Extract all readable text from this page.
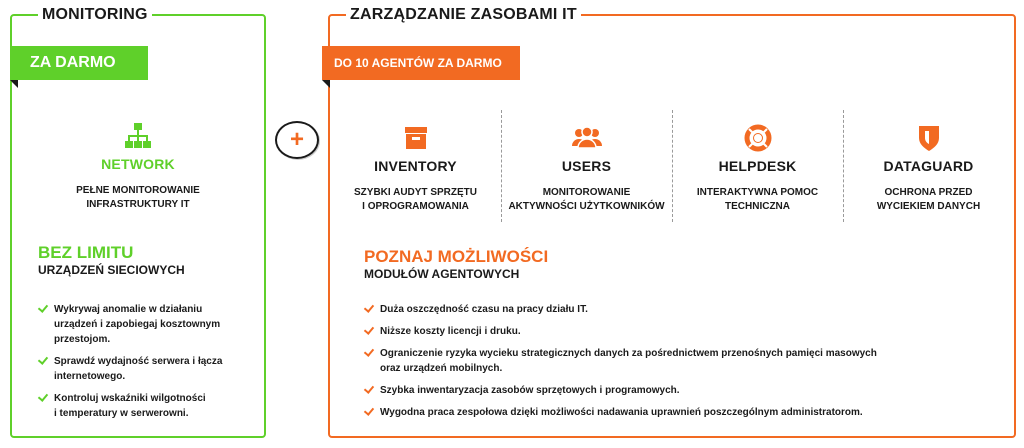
MONITORING
ZA DARMO
NETWORK
PEŁNE MONITOROWANIE
INFRASTRUKTURY IT
BEZ LIMITU
URZĄDZEŃ SIECIOWYCH
Wykrywaj anomalie w działaniu
urządzeń i zapobiegaj kosztownym
przestojom.
Sprawdź wydajność serwera i łącza
internetowego.
Kontroluj wskaźniki wilgotności
i temperatury w serwerowni.
+
ZARZĄDZANIE ZASOBAMI IT
DO 10 AGENTÓW ZA DARMO
INVENTORY
SZYBKI AUDYT SPRZĘTU
I OPROGRAMOWANIA
USERS
MONITOROWANIE
AKTYWNOŚCI UŻYTKOWNIKÓW
HELPDESK
INTERAKTYWNA POMOC
TECHNICZNA
DATAGUARD
OCHRONA PRZED
WYCIEKIEM DANYCH
POZNAJ MOŻLIWOŚCI
MODUŁÓW AGENTOWYCH
Duża oszczędność czasu na pracy działu IT.
Niższe koszty licencji i druku.
Ograniczenie ryzyka wycieku strategicznych danych za pośrednictwem przenośnych pamięci masowych
oraz urządzeń mobilnych.
Szybka inwentaryzacja zasobów sprzętowych i programowych.
Wygodna praca zespołowa dzięki możliwości nadawania uprawnień poszczególnym administratorom.
